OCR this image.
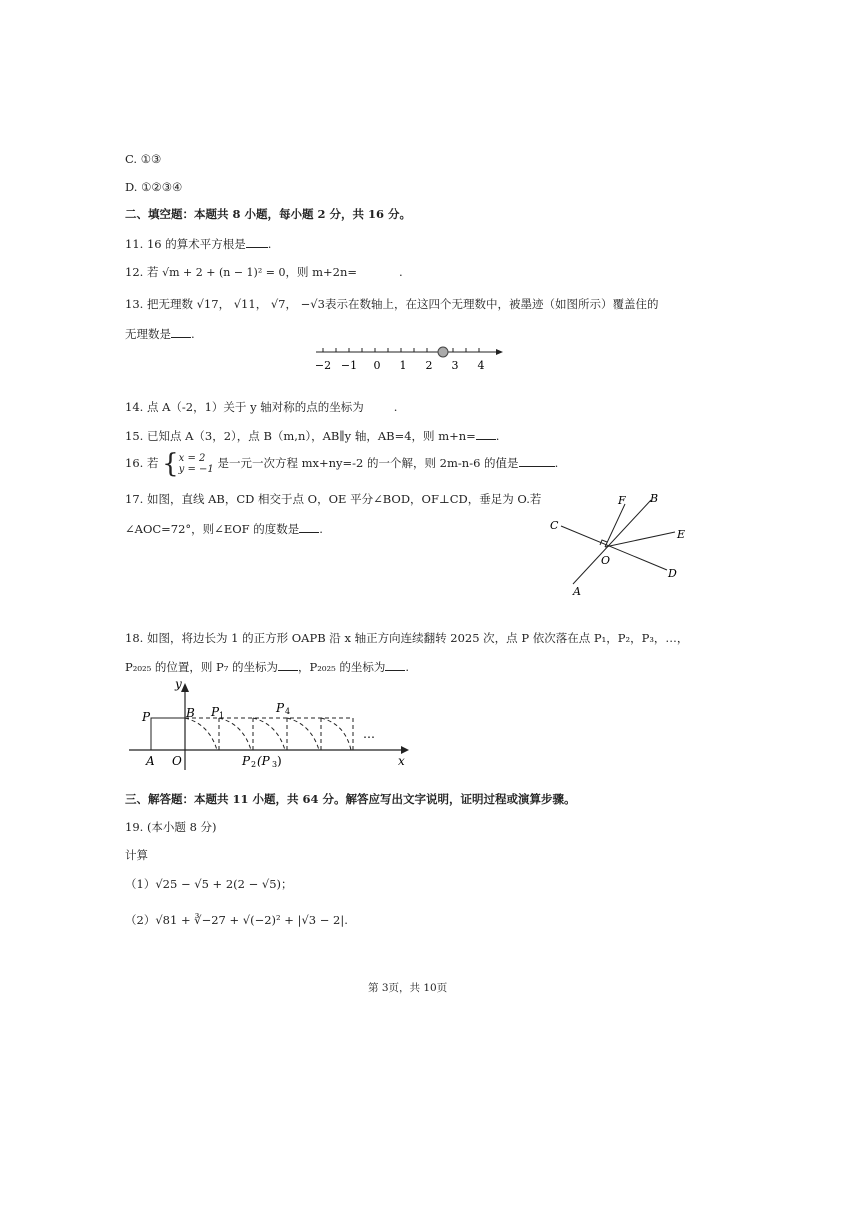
C. ①③
D. ①②③④
二、填空题：本题共 8 小题，每小题 2 分，共 16 分。
11. 16 的算术平方根是 .
12. 若 √m + 2 + (n − 1)² = 0，则 m+2n=	.
13. 把无理数 √17， √11， √7， −√3表示在数轴上，在这四个无理数中，被墨迹（如图所示）覆盖住的
无理数是 .
−2 −1 0 1 2 3 4
14. 点 A（-2，1）关于 y 轴对称的点的坐标为	.
15. 已知点 A（3，2），点 B（m,n），AB∥y 轴，AB=4，则 m+n= .
16. 若 {x = 2
y = −1 是一元一次方程 mx+ny=-2 的一个解，则 2m-n-6 的值是	.
17. 如图，直线 AB，CD 相交于点 O，OE 平分∠BOD，OF⊥CD，垂足为 O.若
∠AOC=72°，则∠EOF 的度数是 .
F B
C
E
O
D
A
18. 如图，将边长为 1 的正方形 OAPB 沿 x 轴正方向连续翻转 2025 次，点 P 依次落在点 P₁，P₂，P₃，…，
P₂₀₂₅ 的位置，则 P₇ 的坐标为 ，P₂₀₂₅ 的坐标为 .
y
x
P	B P 1
P 4
A O	P 2 (P 3 )
…
三、解答题：本题共 11 小题，共 64 分。解答应写出文字说明，证明过程或演算步骤。
19. (本小题 8 分)
计算
（1）√25 − √5 + 2(2 − √5)；
（2）√81 + ∛−27 + √(−2)² + |√3 − 2|.
第 3页，共 10页
